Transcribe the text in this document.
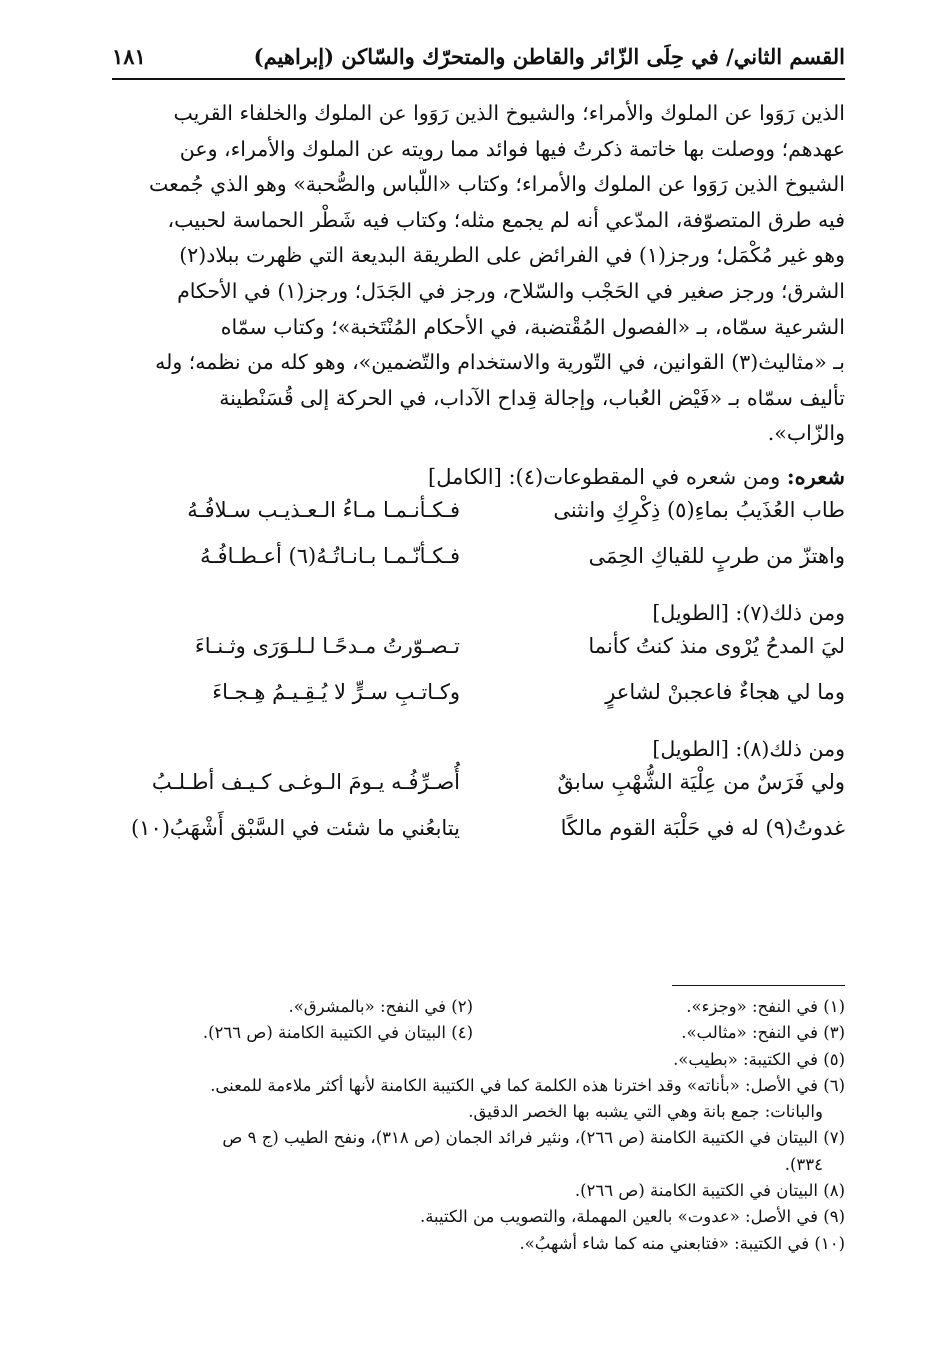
القسم الثاني/ في حِلَى الزّائر والقاطن والمتحرّك والسّاكن (إبراهيم)
١٨١
الذين رَوَوا عن الملوك والأمراء؛ والشيوخ الذين رَوَوا عن الملوك والخلفاء القريب
عهدهم؛ ووصلت بها خاتمة ذكرتُ فيها فوائد مما رويته عن الملوك والأمراء، وعن
الشيوخ الذين رَوَوا عن الملوك والأمراء؛ وكتاب «اللّباس والصُّحبة» وهو الذي جُمعت
فيه طرق المتصوّفة، المدّعي أنه لم يجمع مثله؛ وكتاب فيه شَطْر الحماسة لحبيب،
وهو غير مُكْمَل؛ ورجز(١) في الفرائض على الطريقة البديعة التي ظهرت ببلاد(٢)
الشرق؛ ورجز صغير في الحَجْب والسّلاح، ورجز في الجَدَل؛ ورجز(١) في الأحكام
الشرعية سمّاه، بـ «الفصول المُقْتضبة، في الأحكام المُنْتَخبة»؛ وكتاب سمّاه
بـ «مثاليث(٣) القوانين، في التّورية والاستخدام والتّضمين»، وهو كله من نظمه؛ وله
تأليف سمّاه بـ «فَيْض العُباب، وإجالة قِداح الآداب، في الحركة إلى قُسَنْطينة
والزّاب».
شعره: ومن شعره في المقطوعات(٤): [الكامل]
طاب العُذَيبُ بماءِ(٥) ذِكْرِكِ وانثنى
فـكـأنـمـا مـاءُ الـعـذيـب سـلافُـهُ
واهتزّ من طربٍ للقياكِ الحِمَى
فـكـأنّـمـا بـانـاتُـهُ(٦) أعـطـافُـهُ
ومن ذلك(٧): [الطويل]
ليَ المدحُ يُرْوى منذ كنتُ كأنما
تـصـوّرتُ مـدحًـا لـلـوَرَى وثـنـاءَ
وما لي هجاءٌ فاعجبنْ لشاعرٍ
وكـاتـبِ سـرٍّ لا يُـقِـيـمُ هِـجـاءَ
ومن ذلك(٨): [الطويل]
ولي فَرَسٌ من عِلْيَة الشُّهْبِ سابقٌ
أُصـرِّفُـه يـومَ الـوغـى كـيـف أطـلـبُ
غدوتُ(٩) له في حَلْبَة القوم مالكًا
يتابعُني ما شئت في السَّبْق أَشْهَبُ(١٠)
(١) في النفح: «وجزء».
(٢) في النفح: «بالمشرق».
(٣) في النفح: «مثالب».
(٤) البيتان في الكتيبة الكامنة (ص ٢٦٦).
(٥) في الكتيبة: «بطيب».
(٦) في الأصل: «بأناته» وقد اخترنا هذه الكلمة كما في الكتيبة الكامنة لأنها أكثر ملاءمة للمعنى.
والبانات: جمع بانة وهي التي يشبه بها الخصر الدقيق.
(٧) البيتان في الكتيبة الكامنة (ص ٢٦٦)، ونثير فرائد الجمان (ص ٣١٨)، ونفح الطيب (ج ٩ ص
٣٣٤).
(٨) البيتان في الكتيبة الكامنة (ص ٢٦٦).
(٩) في الأصل: «عدوت» بالعين المهملة، والتصويب من الكتيبة.
(١٠) في الكتيبة: «فتابعني منه كما شاء أشهبُ».
